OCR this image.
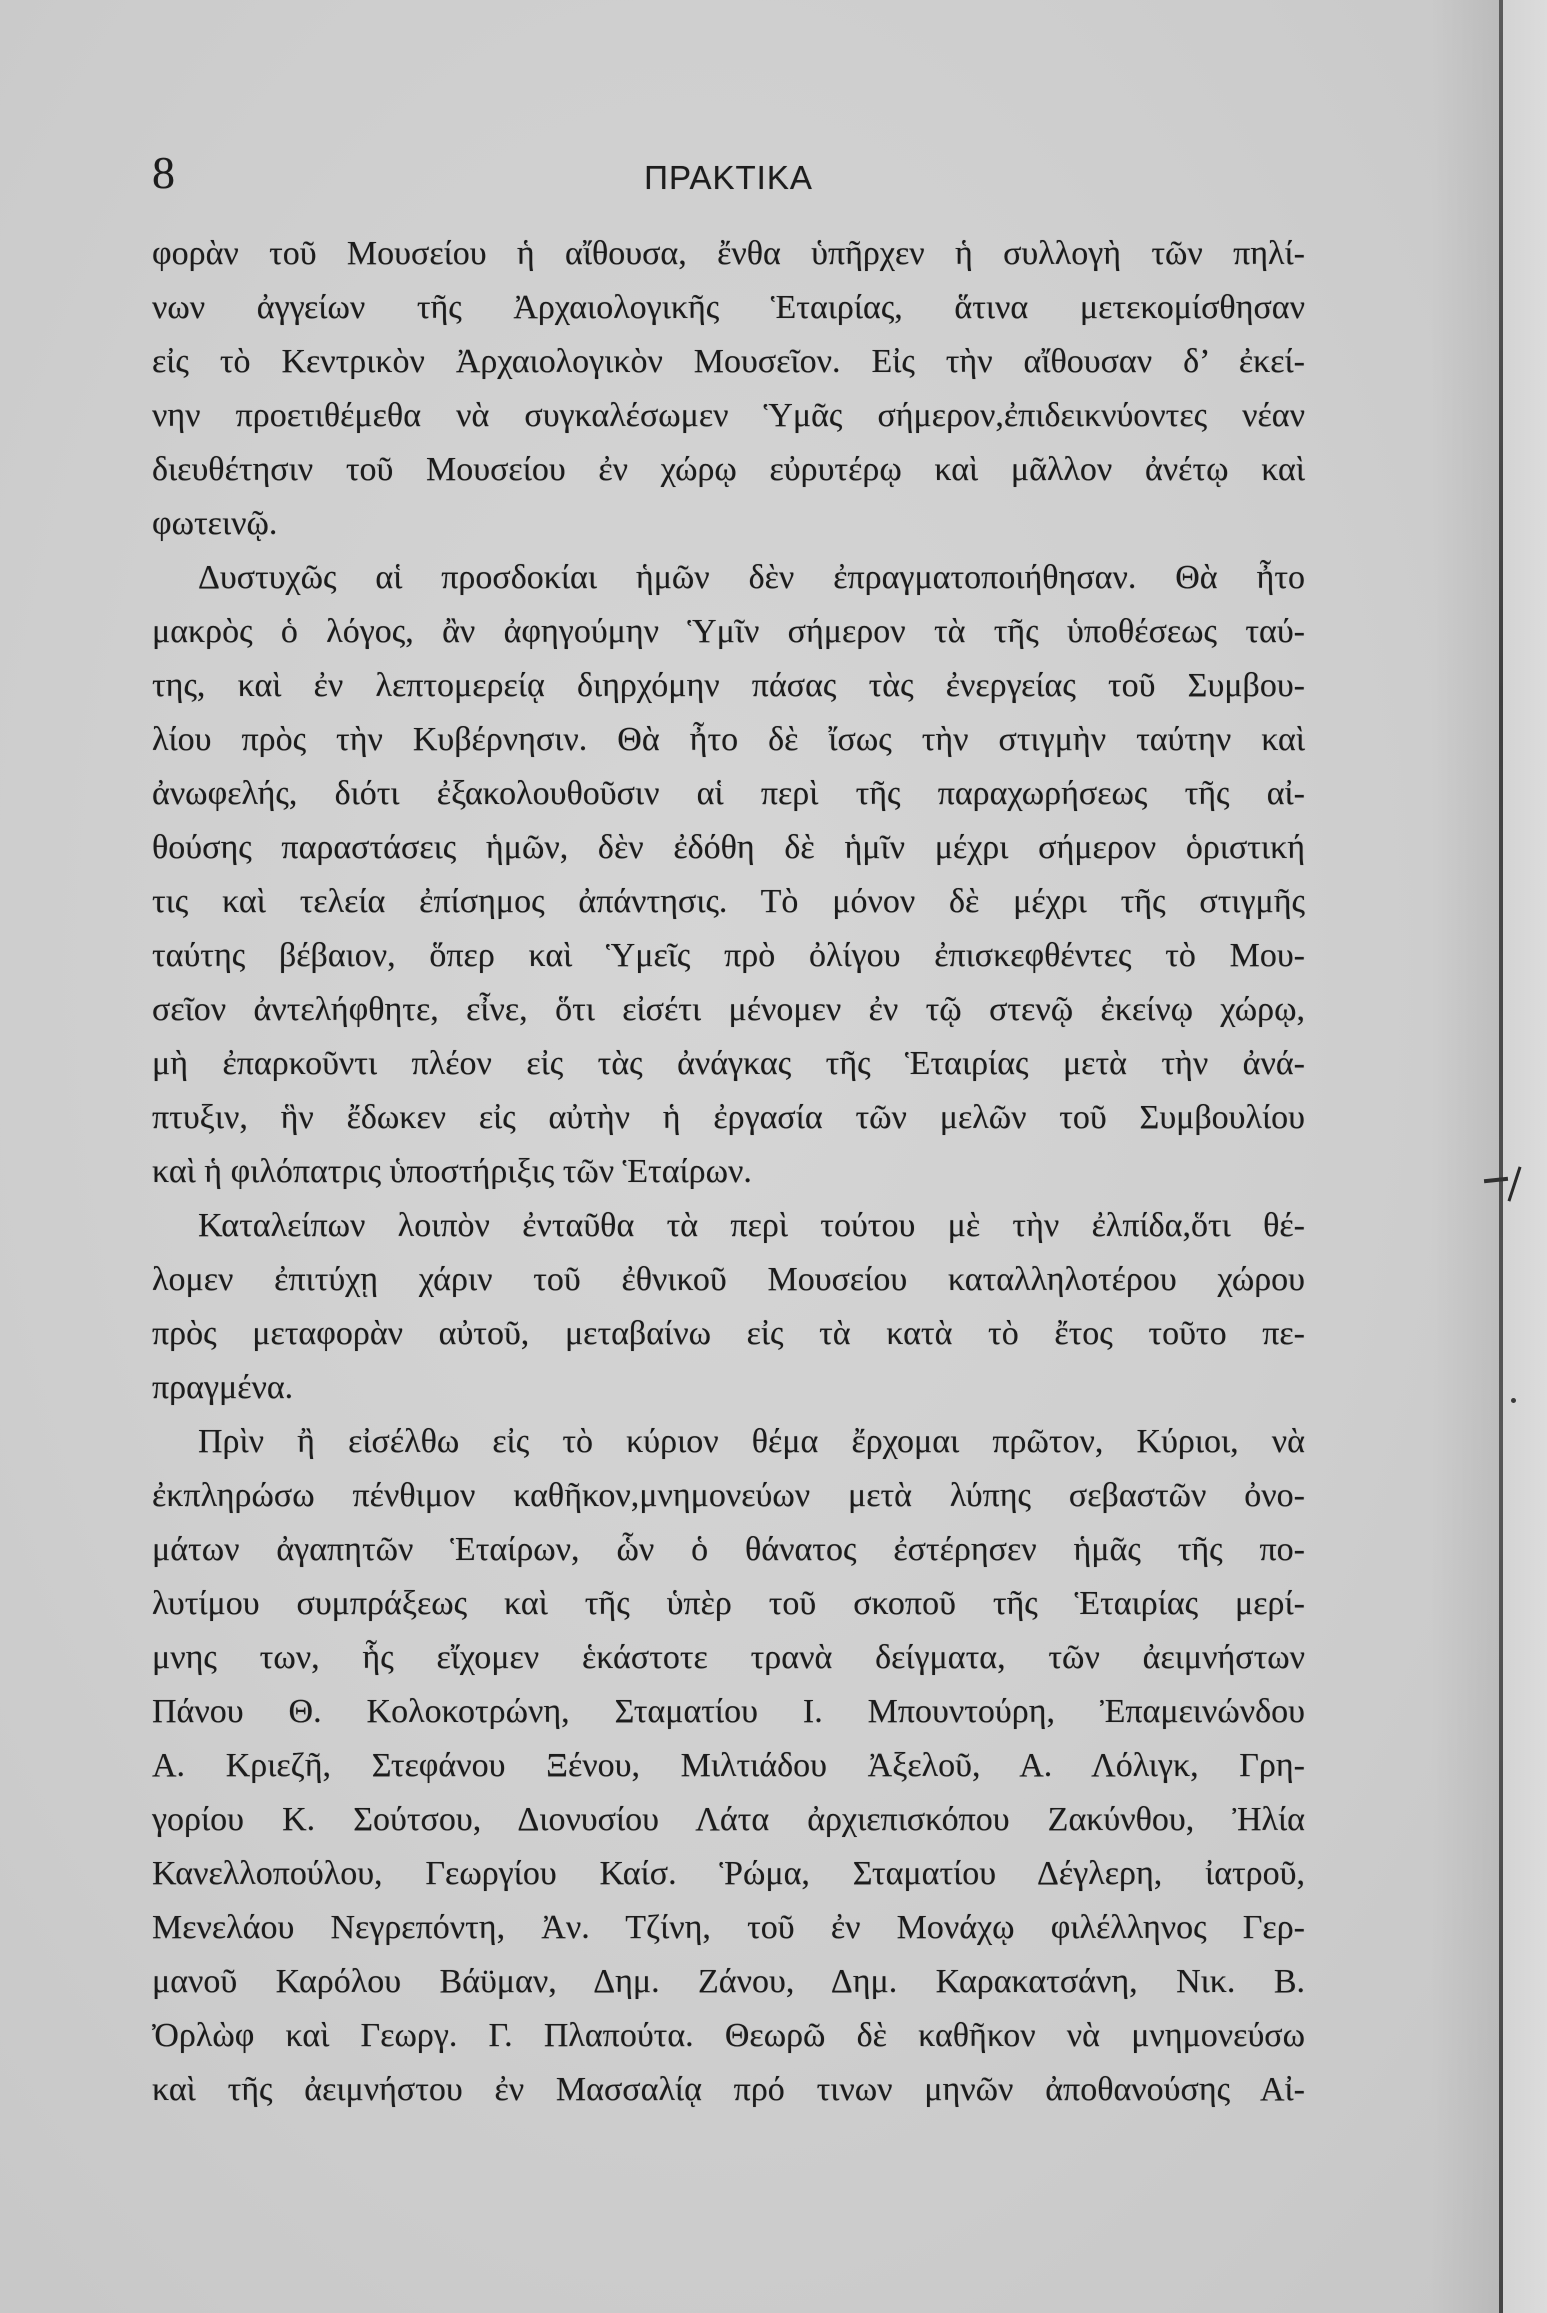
8	ΠΡΑΚΤΙΚΑ
φορὰν τοῦ Μουσείου ἡ αἴθουσα, ἔνθα ὑπῆρχεν ἡ συλλογὴ τῶν πηλί-
νων ἀγγείων τῆς Ἀρχαιολογικῆς Ἑταιρίας, ἅτινα μετεκομίσθησαν
εἰς τὸ Κεντρικὸν Ἀρχαιολογικὸν Μουσεῖον. Εἰς τὴν αἴθουσαν δ’ ἐκεί-
νην προετιθέμεθα νὰ συγκαλέσωμεν Ὑμᾶς σήμερον,ἐπιδεικνύοντες νέαν
διευθέτησιν τοῦ Μουσείου ἐν χώρῳ εὐρυτέρῳ καὶ μᾶλλον ἀνέτῳ καὶ
φωτεινῷ.
Δυστυχῶς αἱ προσδοκίαι ἡμῶν δὲν ἐπραγματοποιήθησαν. Θὰ ἦτο
μακρὸς ὁ λόγος, ἂν ἀφηγούμην Ὑμῖν σήμερον τὰ τῆς ὑποθέσεως ταύ-
της, καὶ ἐν λεπτομερείᾳ διηρχόμην πάσας τὰς ἐνεργείας τοῦ Συμβου-
λίου πρὸς τὴν Κυβέρνησιν. Θὰ ἦτο δὲ ἴσως τὴν στιγμὴν ταύτην καὶ
ἀνωφελής, διότι ἐξακολουθοῦσιν αἱ περὶ τῆς παραχωρήσεως τῆς αἰ-
θούσης παραστάσεις ἡμῶν, δὲν ἐδόθη δὲ ἡμῖν μέχρι σήμερον ὁριστική
τις καὶ τελεία ἐπίσημος ἀπάντησις. Τὸ μόνον δὲ μέχρι τῆς στιγμῆς
ταύτης βέβαιον, ὅπερ καὶ Ὑμεῖς πρὸ ὀλίγου ἐπισκεφθέντες τὸ Μου-
σεῖον ἀντελήφθητε, εἶνε, ὅτι εἰσέτι μένομεν ἐν τῷ στενῷ ἐκείνῳ χώρῳ,
μὴ ἐπαρκοῦντι πλέον εἰς τὰς ἀνάγκας τῆς Ἑταιρίας μετὰ τὴν ἀνά-
πτυξιν, ἣν ἔδωκεν εἰς αὐτὴν ἡ ἐργασία τῶν μελῶν τοῦ Συμβουλίου
καὶ ἡ φιλόπατρις ὑποστήριξις τῶν Ἑταίρων.
Καταλείπων λοιπὸν ἐνταῦθα τὰ περὶ τούτου μὲ τὴν ἐλπίδα,ὅτι θέ-
λομεν ἐπιτύχῃ χάριν τοῦ ἐθνικοῦ Μουσείου καταλληλοτέρου χώρου
πρὸς μεταφορὰν αὐτοῦ, μεταβαίνω εἰς τὰ κατὰ τὸ ἔτος τοῦτο πε-
πραγμένα.
Πρὶν ἢ εἰσέλθω εἰς τὸ κύριον θέμα ἔρχομαι πρῶτον, Κύριοι, νὰ
ἐκπληρώσω πένθιμον καθῆκον,μνημονεύων μετὰ λύπης σεβαστῶν ὀνο-
μάτων ἀγαπητῶν Ἑταίρων, ὧν ὁ θάνατος ἐστέρησεν ἡμᾶς τῆς πο-
λυτίμου συμπράξεως καὶ τῆς ὑπὲρ τοῦ σκοποῦ τῆς Ἑταιρίας μερί-
μνης των, ἧς εἴχομεν ἑκάστοτε τρανὰ δείγματα, τῶν ἀειμνήστων
Πάνου Θ. Κολοκοτρώνη, Σταματίου Ι. Μπουντούρη, Ἐπαμεινώνδου
Α. Κριεζῆ, Στεφάνου Ξένου, Μιλτιάδου Ἀξελοῦ, Α. Λόλιγκ, Γρη-
γορίου Κ. Σούτσου, Διονυσίου Λάτα ἀρχιεπισκόπου Ζακύνθου, Ἠλία
Κανελλοπούλου, Γεωργίου Καίσ. Ῥώμα, Σταματίου Δέγλερη, ἰατροῦ,
Μενελάου Νεγρεπόντη, Ἀν. Τζίνη, τοῦ ἐν Μονάχῳ φιλέλληνος Γερ-
μανοῦ Καρόλου Βάϋμαν, Δημ. Ζάνου, Δημ. Καρακατσάνη, Νικ. Β.
Ὀρλὼφ καὶ Γεωργ. Γ. Πλαπούτα. Θεωρῶ δὲ καθῆκον νὰ μνημονεύσω
καὶ τῆς ἀειμνήστου ἐν Μασσαλίᾳ πρό τινων μηνῶν ἀποθανούσης Αἰ-
